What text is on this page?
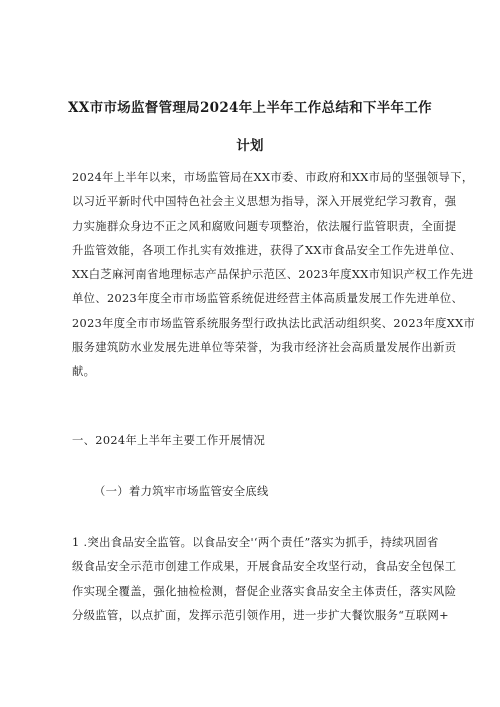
XX市市场监督管理局2024年上半年工作总结和下半年工作
计划
2024年上半年以来，市场监管局在XX市委、市政府和XX市局的坚强领导下，
以习近平新时代中国特色社会主义思想为指导，深入开展党纪学习教育，强
力实施群众身边不正之风和腐败问题专项整治，依法履行监管职责，全面提
升监管效能，各项工作扎实有效推进，获得了XX市食品安全工作先进单位、
XX白芝麻河南省地理标志产品保护示范区、2023年度XX市知识产权工作先进
单位、2023年度全市市场监管系统促进经营主体高质量发展工作先进单位、
2023年度全市市场监管系统服务型行政执法比武活动组织奖、2023年度XX市
服务建筑防水业发展先进单位等荣誉，为我市经济社会高质量发展作出新贡
献。
一、2024年上半年主要工作开展情况
（一）着力筑牢市场监管安全底线
1 .突出食品安全监管。以食品安全'‘两个责任”落实为抓手，持续巩固省
级食品安全示范市创建工作成果，开展食品安全攻坚行动，食品安全包保工
作实现全覆盖，强化抽检检测，督促企业落实食品安全主体责任，落实风险
分级监管，以点扩面，发挥示范引领作用，进一步扩大餐饮服务“互联网+
